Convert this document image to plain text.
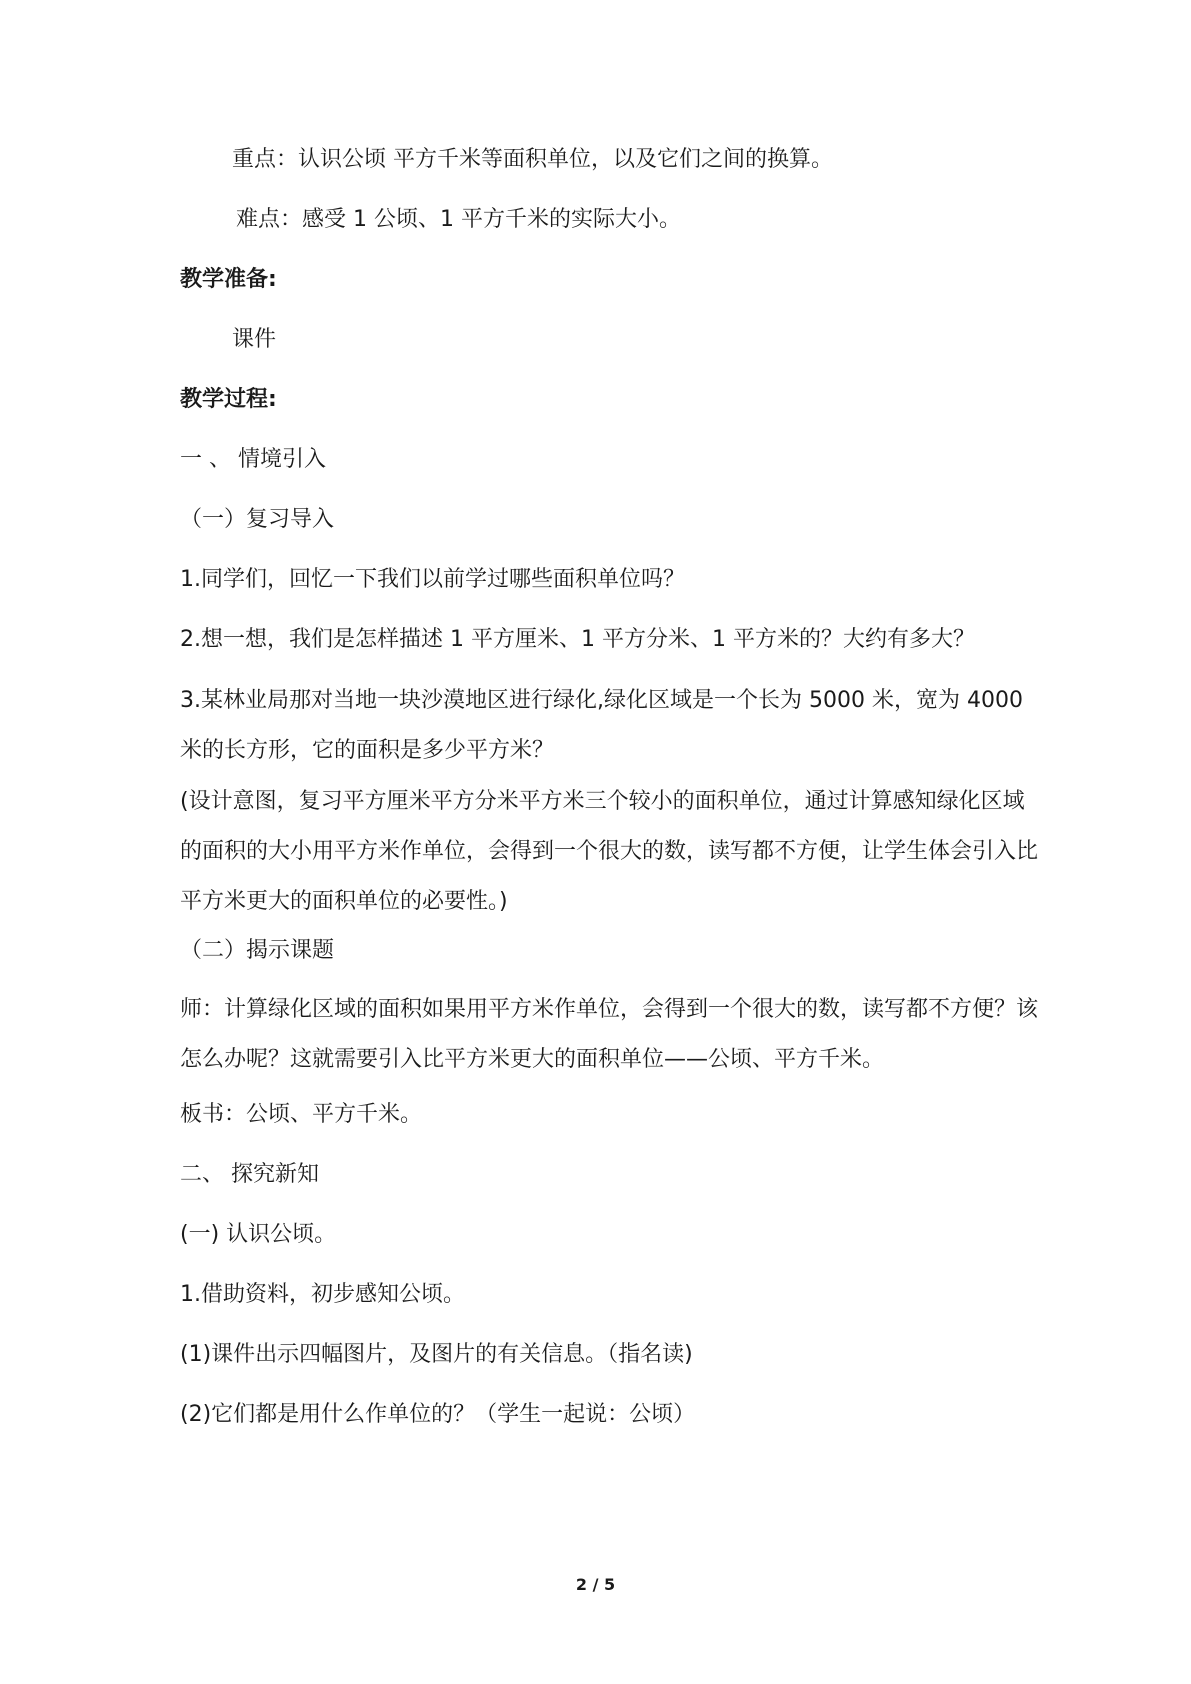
重点：认识公顷 平方千米等面积单位，以及它们之间的换算。
难点：感受 1 公顷、1 平方千米的实际大小。
教学准备:
课件
教学过程:
一 、 情境引入
（一）复习导入
1.同学们，回忆一下我们以前学过哪些面积单位吗？
2.想一想，我们是怎样描述 1 平方厘米、1 平方分米、1 平方米的？大约有多大？
3.某林业局那对当地一块沙漠地区进行绿化,绿化区域是一个长为 5000 米，宽为 4000 米的长方形，它的面积是多少平方米？
(设计意图，复习平方厘米平方分米平方米三个较小的面积单位，通过计算感知绿化区域的面积的大小用平方米作单位，会得到一个很大的数，读写都不方便，让学生体会引入比平方米更大的面积单位的必要性。)
（二）揭示课题
师：计算绿化区域的面积如果用平方米作单位，会得到一个很大的数，读写都不方便？该怎么办呢？这就需要引入比平方米更大的面积单位——公顷、平方千米。
板书：公顷、平方千米。
二、 探究新知
(一) 认识公顷。
1.借助资料，初步感知公顷。
(1)课件出示四幅图片，及图片的有关信息。（指名读)
(2)它们都是用什么作单位的？（学生一起说：公顷）
2 / 5
